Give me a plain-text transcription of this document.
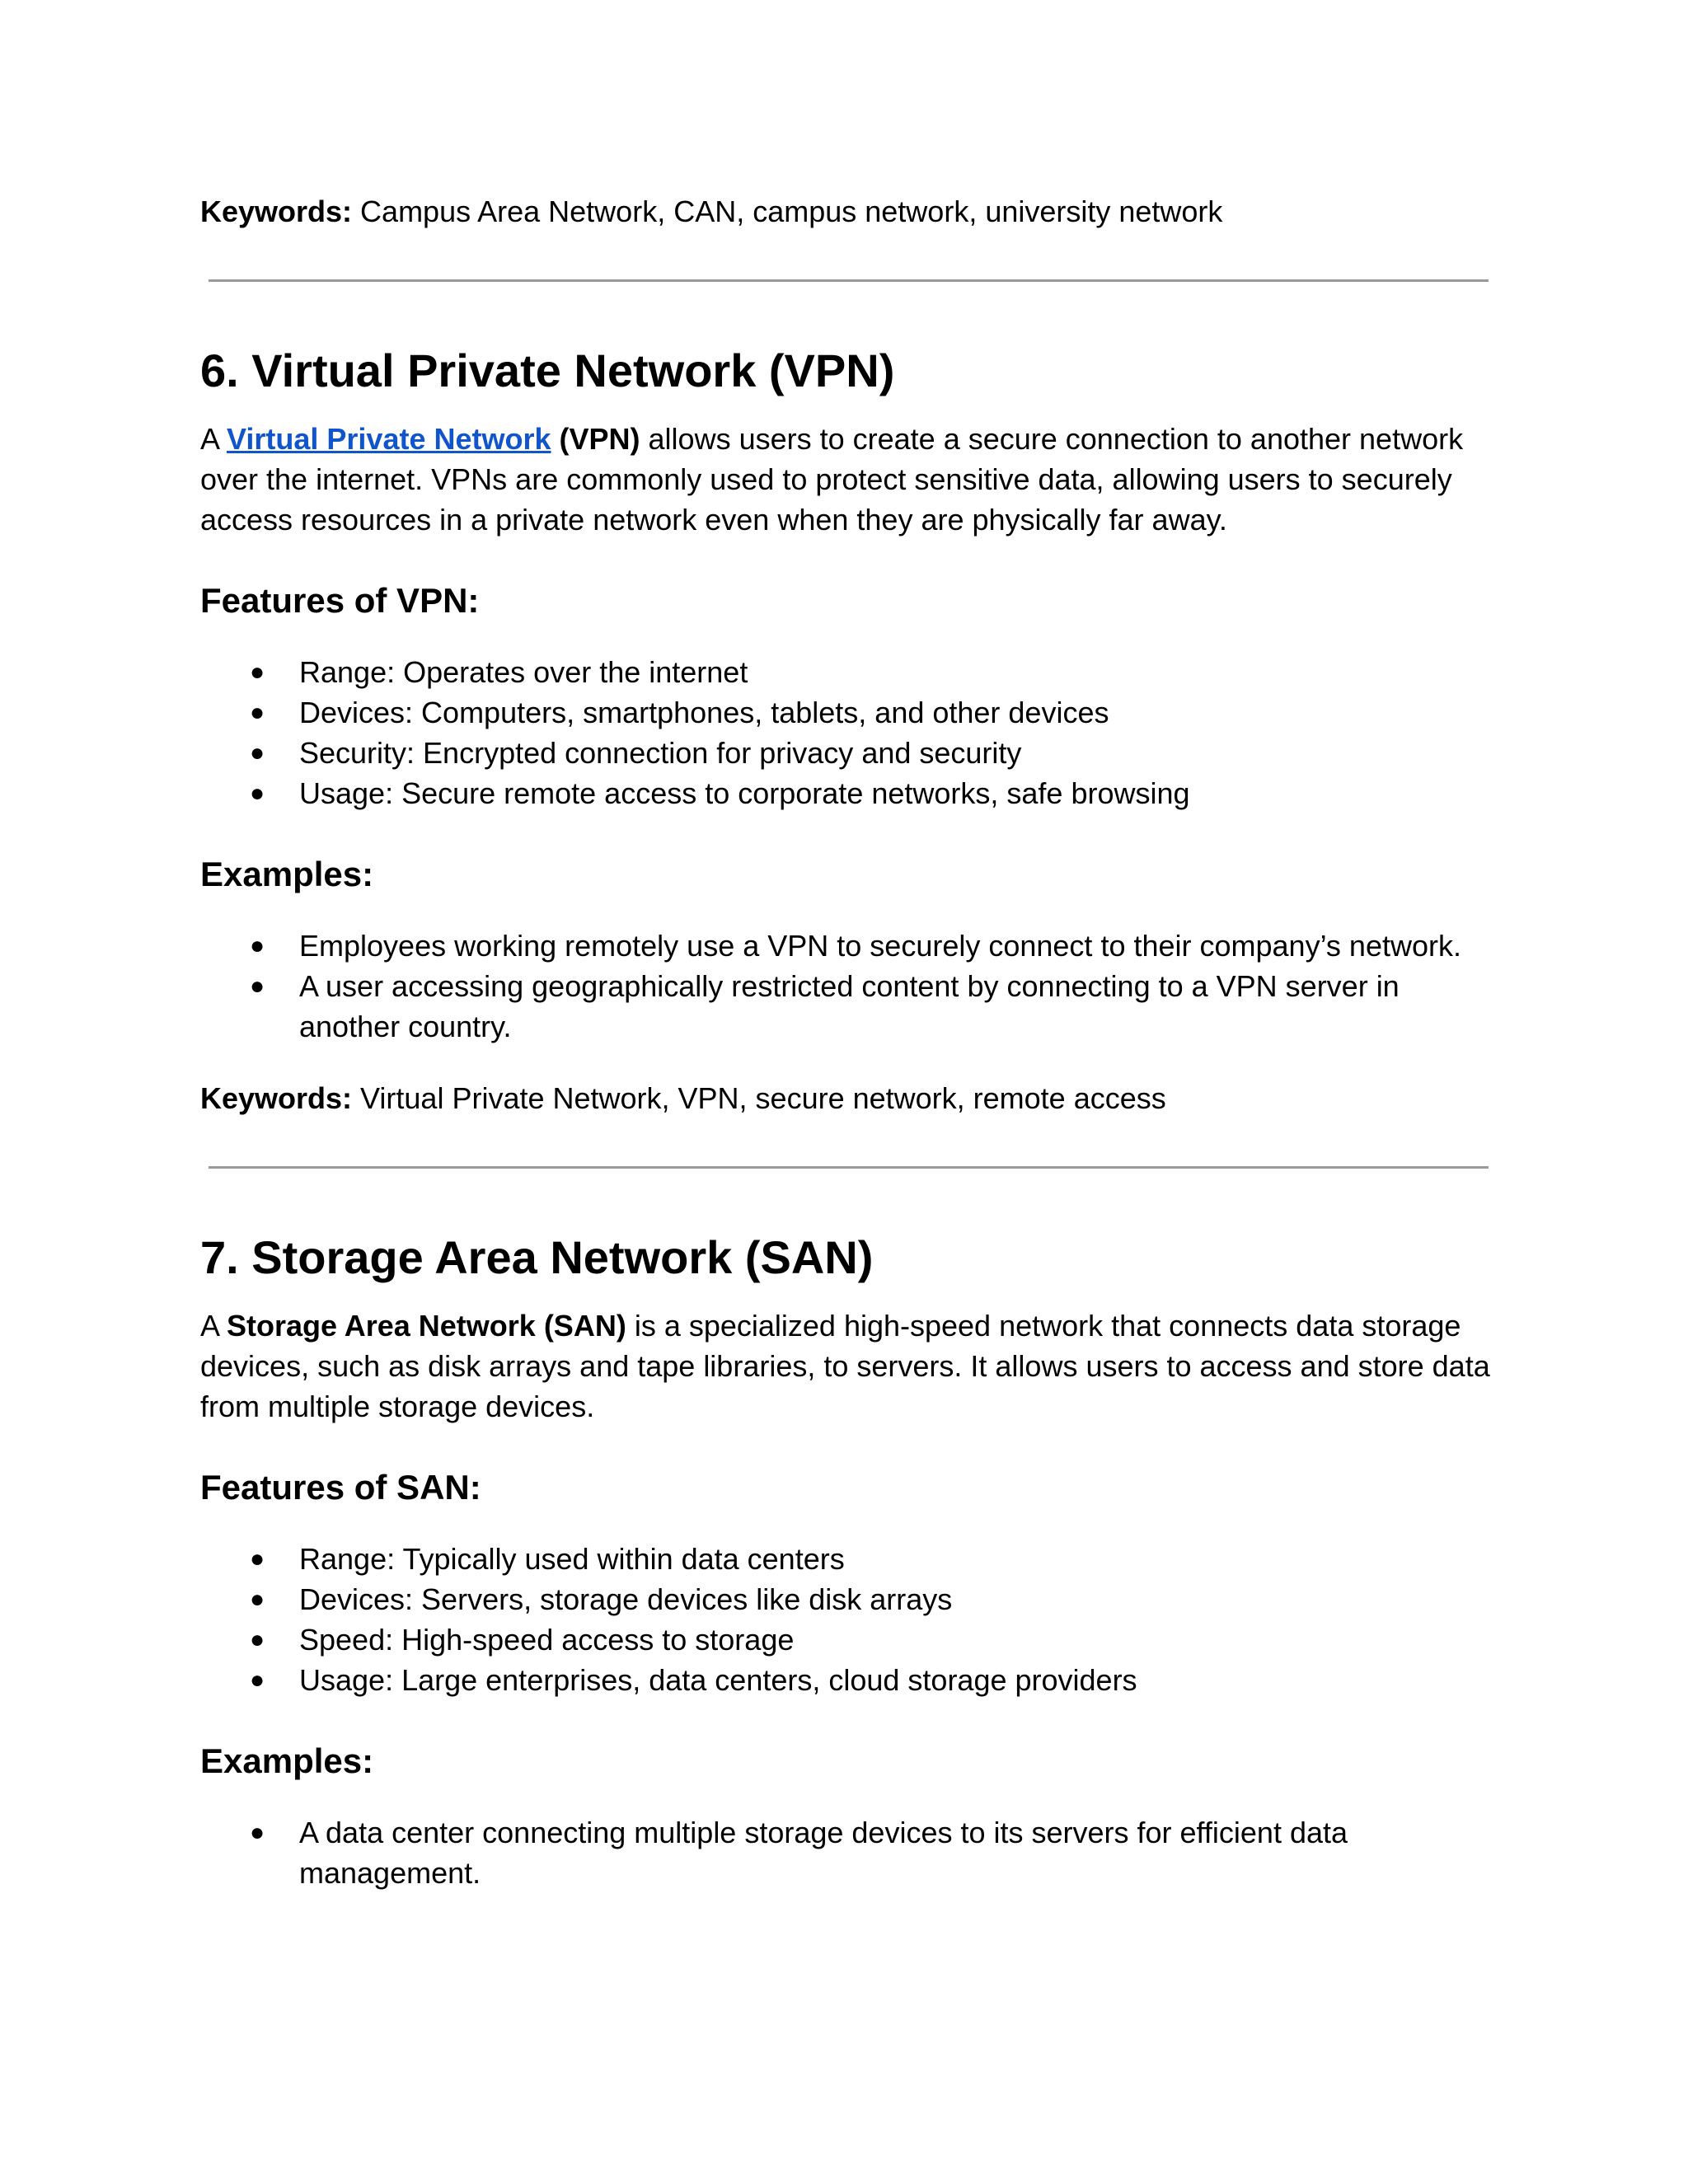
Keywords: Campus Area Network, CAN, campus network, university network

6. Virtual Private Network (VPN)

A Virtual Private Network (VPN) allows users to create a secure connection to another network over the internet. VPNs are commonly used to protect sensitive data, allowing users to securely access resources in a private network even when they are physically far away.

Features of VPN:
● Range: Operates over the internet
● Devices: Computers, smartphones, tablets, and other devices
● Security: Encrypted connection for privacy and security
● Usage: Secure remote access to corporate networks, safe browsing
Examples:
● Employees working remotely use a VPN to securely connect to their company’s network.
● A user accessing geographically restricted content by connecting to a VPN server in another country.

Keywords: Virtual Private Network, VPN, secure network, remote access

7. Storage Area Network (SAN)

A Storage Area Network (SAN) is a specialized high-speed network that connects data storage devices, such as disk arrays and tape libraries, to servers. It allows users to access and store data from multiple storage devices.

Features of SAN:
● Range: Typically used within data centers
● Devices: Servers, storage devices like disk arrays
● Speed: High-speed access to storage
● Usage: Large enterprises, data centers, cloud storage providers
Examples:
● A data center connecting multiple storage devices to its servers for efficient data management.
